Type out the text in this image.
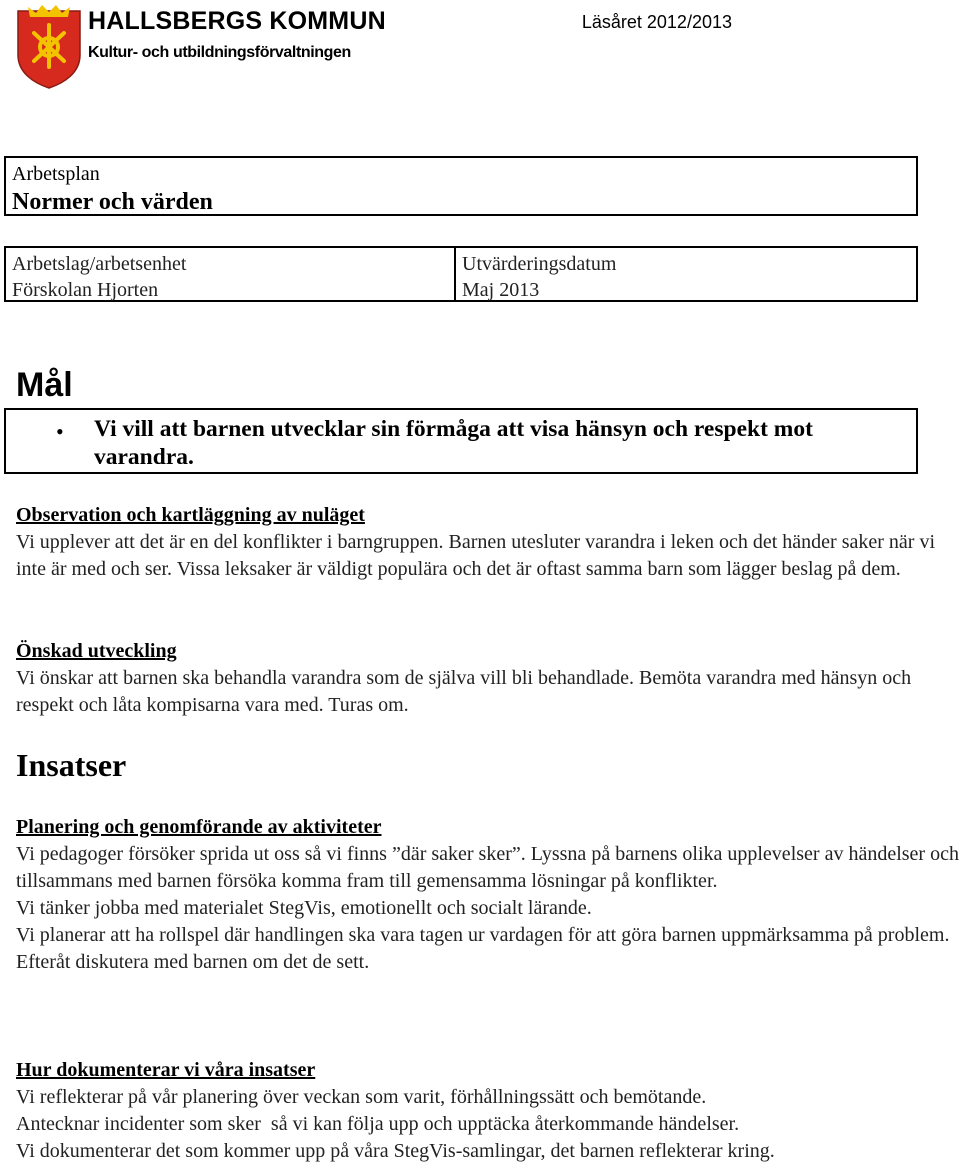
HALLSBERGS KOMMUN
Kultur- och utbildningsförvaltningen
Läsåret 2012/2013
Arbetsplan
Normer och värden
Arbetslag/arbetsenhet
Förskolan Hjorten
Utvärderingsdatum
Maj 2013
Mål
• Vi vill att barnen utvecklar sin förmåga att visa hänsyn och respekt mot varandra.
Observation och kartläggning av nuläget
Vi upplever att det är en del konflikter i barngruppen. Barnen utesluter varandra i leken och det händer saker när vi inte är med och ser. Vissa leksaker är väldigt populära och det är oftast samma barn som lägger beslag på dem.
Önskad utveckling
Vi önskar att barnen ska behandla varandra som de själva vill bli behandlade. Bemöta varandra med hänsyn och respekt och låta kompisarna vara med. Turas om.
Insatser
Planering och genomförande av aktiviteter

Vi pedagoger försöker sprida ut oss så vi finns ”där saker sker”. Lyssna på barnens olika upplevelser av händelser och tillsammans med barnen försöka komma fram till gemensamma lösningar på konflikter.

Vi tänker jobba med materialet StegVis, emotionellt och socialt lärande.

Vi planerar att ha rollspel där handlingen ska vara tagen ur vardagen för att göra barnen uppmärksamma på problem. Efteråt diskutera med barnen om det de sett.

Hur dokumenterar vi våra insatser

Vi reflekterar på vår planering över veckan som varit, förhållningssätt och bemötande.

Antecknar incidenter som sker  så vi kan följa upp och upptäcka återkommande händelser.

Vi dokumenterar det som kommer upp på våra StegVis-samlingar, det barnen reflekterar kring.
